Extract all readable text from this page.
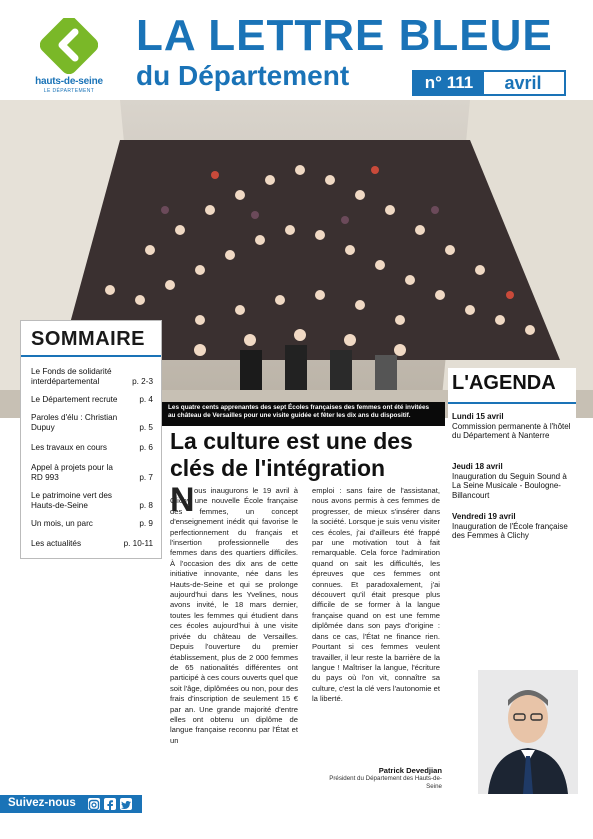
hauts-de-seine
LE DÉPARTEMENT
LA LETTRE BLEUE
du Département	n° 111	avril
Les quatre cents apprenantes des sept Écoles françaises des femmes ont été invitées au château de Versailles pour une visite guidée et fêter les dix ans du dispositif.
SOMMAIRE
Le Fonds de solidarité interdépartemental	p. 2-3
Le Département recrute	p. 4
Paroles d'élu : Christian Dupuy	p. 5
Les travaux en cours	p. 6
Appel à projets pour la RD 993	p. 7
Le patrimoine vert des Hauts-de-Seine	p. 8
Un mois, un parc	p. 9
Les actualités	p. 10-11
La culture est une des clés de l'intégration
N ous inaugurons le 19 avril à Clichy une nouvelle École française des femmes, un concept d'enseignement inédit qui favorise le perfectionnement du français et l'insertion professionnelle des femmes dans des quartiers difficiles. À l'occasion des dix ans de cette initiative innovante, née dans les Hauts-de-Seine et qui se prolonge aujourd'hui dans les Yvelines, nous avons invité, le 18 mars dernier, toutes les femmes qui étudient dans ces écoles aujourd'hui à une visite privée du château de Versailles. Depuis l'ouverture du premier établissement, plus de 2 000 femmes de 65 nationalités différentes ont participé à ces cours ouverts quel que soit l'âge, diplômées ou non, pour des frais d'inscription de seulement 15 € par an. Une grande majorité d'entre elles ont obtenu un diplôme de langue française reconnu par l'État et un
emploi : sans faire de l'assistanat, nous avons permis à ces femmes de progresser, de mieux s'insérer dans la société. Lorsque je suis venu visiter ces écoles, j'ai d'ailleurs été frappé par une motivation tout à fait remarquable. Cela force l'admiration quand on sait les difficultés, les épreuves que ces femmes ont connues. Et paradoxalement, j'ai découvert qu'il était presque plus difficile de se former à la langue française quand on est une femme diplômée dans son pays d'origine : dans ce cas, l'État ne finance rien. Pourtant si ces femmes veulent travailler, il leur reste la barrière de la langue ! Maîtriser la langue, l'écriture du pays où l'on vit, connaître sa culture, c'est la clé vers l'autonomie et la liberté.
Patrick Devedjian
Président du Département des Hauts-de-Seine
L'AGENDA
Lundi 15 avril
Commission permanente à l'hôtel du Département à Nanterre
Jeudi 18 avril
Inauguration du Seguin Sound à La Seine Musicale - Boulogne-Billancourt
Vendredi 19 avril
Inauguration de l'École française des Femmes à Clichy
Suivez-nous
